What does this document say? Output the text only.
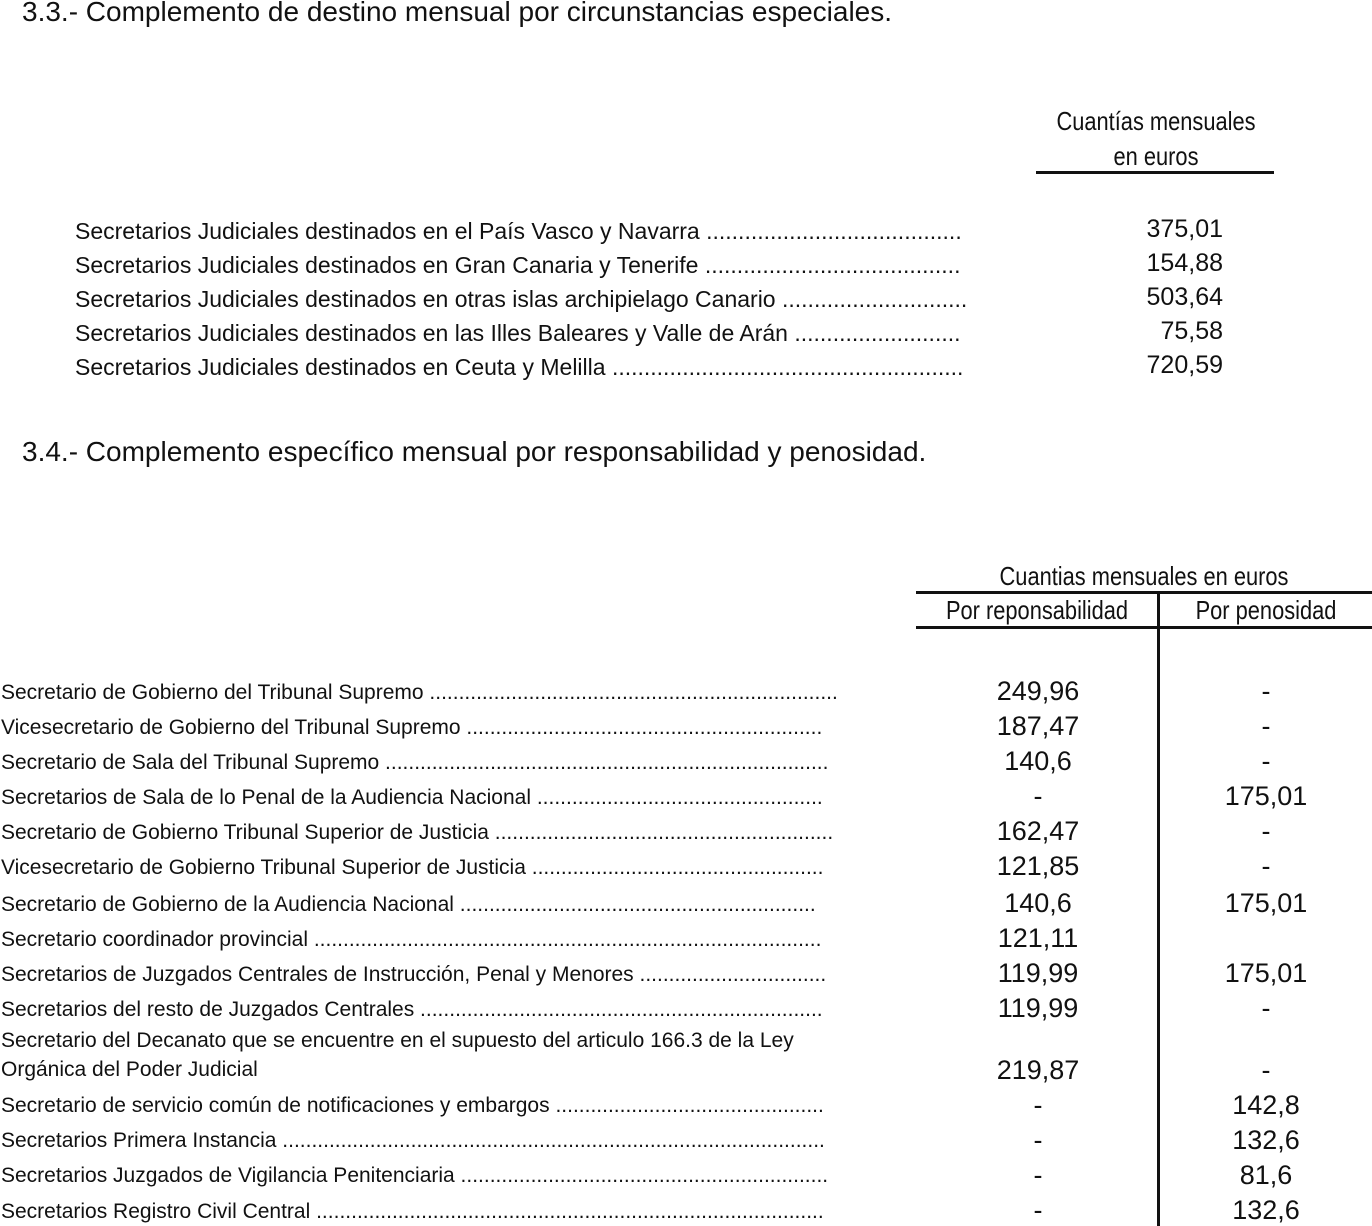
3.3.- Complemento de destino mensual por circunstancias especiales.
Cuantías mensuales
en euros
Secretarios Judiciales destinados en el País Vasco y Navarra ........................................	375,01
Secretarios Judiciales destinados en Gran Canaria y Tenerife ........................................	154,88
Secretarios Judiciales destinados en otras islas archipielago Canario .............................	503,64
Secretarios Judiciales destinados en las Illes Baleares y Valle de Arán ..........................	75,58
Secretarios Judiciales destinados en Ceuta y Melilla .......................................................	720,59
3.4.- Complemento específico mensual por responsabilidad y penosidad.
Cuantias mensuales en euros
Por reponsabilidad	Por penosidad
Secretario de Gobierno del Tribunal Supremo ......................................................................	249,96	-
Vicesecretario de Gobierno del Tribunal Supremo .............................................................	187,47	-
Secretario de Sala del Tribunal Supremo ............................................................................	140,6	-
Secretarios de Sala de lo Penal de la Audiencia Nacional .................................................	-	175,01
Secretario de Gobierno Tribunal Superior de Justicia ..........................................................	162,47	-
Vicesecretario de Gobierno Tribunal Superior de Justicia ..................................................	121,85	-
Secretario de Gobierno de la Audiencia Nacional .............................................................	140,6	175,01
Secretario coordinador provincial .......................................................................................	121,11
Secretarios de Juzgados Centrales de Instrucción, Penal y Menores ................................	119,99	175,01
Secretarios del resto de Juzgados Centrales .....................................................................	119,99	-
Secretario del Decanato que se encuentre en el supuesto del articulo 166.3 de la Ley
Orgánica del Poder Judicial	219,87	-
Secretario de servicio común de notificaciones y embargos ..............................................	-	142,8
Secretarios Primera Instancia .............................................................................................	-	132,6
Secretarios Juzgados de Vigilancia Penitenciaria ...............................................................	-	81,6
Secretarios Registro Civil Central .......................................................................................	-	132,6
